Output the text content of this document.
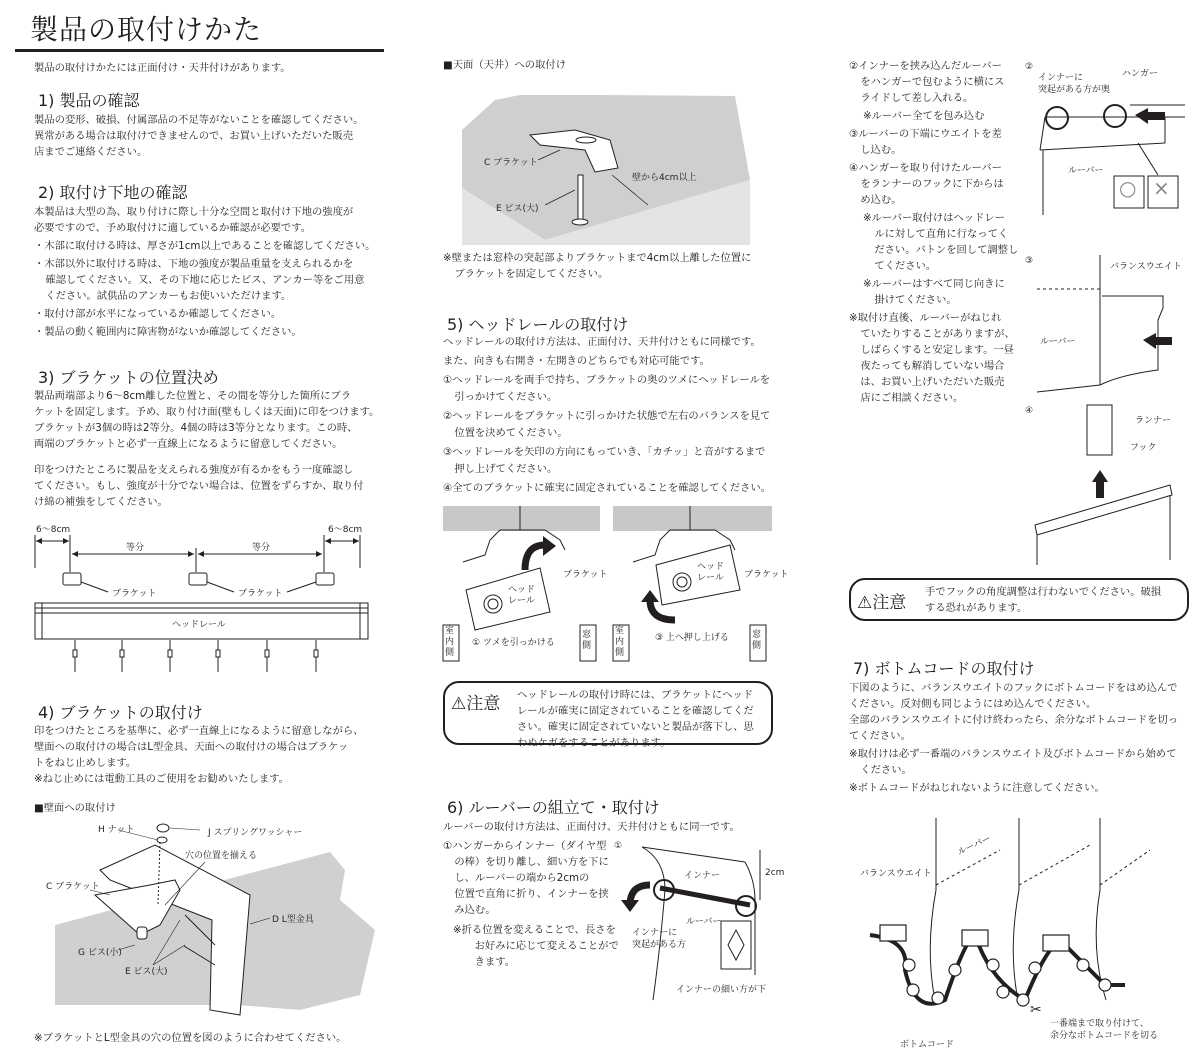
製品の取付けかた
製品の取付けかたには正面付け・天井付けがあります。
1) 製品の確認
製品の変形、破損、付属部品の不足等がないことを確認してください。
異常がある場合は取付けできませんので、お買い上げいただいた販売
店までご連絡ください。
2) 取付け下地の確認
本製品は大型の為、取り付けに際し十分な空間と取付け下地の強度が
必要ですので、予め取付けに適しているか確認が必要です。
・木部に取付ける時は、厚さが1cm以上であることを確認してください。
・木部以外に取付ける時は、下地の強度が製品重量を支えられるかを
確認してください。又、その下地に応じたビス、アンカー等をご用意
ください。試供品のアンカーもお使いいただけます。
・取付け部が水平になっているか確認してください。
・製品の動く範囲内に障害物がないか確認してください。
3) ブラケットの位置決め
製品両端部より6〜8cm離した位置と、その間を等分した箇所にブラ
ケットを固定します。予め、取り付け面(壁もしくは天面)に印をつけます。
ブラケットが3個の時は2等分。4個の時は3等分となります。この時、
両端のブラケットと必ず一直線上になるように留意してください。
印をつけたところに製品を支えられる強度が有るかをもう一度確認し
てください。もし、強度が十分でない場合は、位置をずらすか、取り付
け綿の補強をしてください。
6〜8cm	6〜8cm
等分	等分
ブラケット	ブラケット
ヘッドレール
4) ブラケットの取付け
印をつけたところを基準に、必ず一直線上になるように留意しながら、
壁面への取付けの場合はL型金具、天面への取付けの場合はブラケッ
トをねじ止めします。
※ねじ止めには電動工具のご使用をお勧めいたします。
■壁面への取付け
H ナット	J スプリングワッシャー
穴の位置を揃える
C ブラケット
D L型金具
G ビス(小)
E ビス(大)
※ブラケットとL型金具の穴の位置を図のように合わせてください。
■天面（天井）への取付け
C ブラケット
E ビス(大)
壁から4cm以上
※壁または窓枠の突起部よりブラケットまで4cm以上離した位置に
ブラケットを固定してください。
5) ヘッドレールの取付け
ヘッドレールの取付け方法は、正面付け、天井付けともに同様です。
また、向きも右開き・左開きのどちらでも対応可能です。
①ヘッドレールを両手で持ち、ブラケットの奥のツメにヘッドレールを
引っかけてください。
②ヘッドレールをブラケットに引っかけた状態で左右のバランスを見て
位置を決めてください。
③ヘッドレールを矢印の方向にもっていき、「カチッ」と音がするまで
押し上げてください。
④全てのブラケットに確実に固定されていることを確認してください。
ブラケット
ヘッド
レール
室内側
窓側
① ツメを引っかける
ブラケット
ヘッド
レール
室内側
窓側
③ 上へ押し上げる
⚠注意 ヘッドレールの取付け時には、ブラケットにヘッド
レールが確実に固定されていることを確認してくだ
さい。確実に固定されていないと製品が落下し、思
わぬケガをすることがあります。
6) ルーバーの組立て・取付け
ルーバーの取付け方法は、正面付け、天井付けともに同一です。
①ハンガーからインナー（ダイヤ型
の棒）を切り離し、細い方を下に
し、ルーバーの端から2cmの
位置で直角に折り、インナーを挟
み込む。
※折る位置を変えることで、長さを
お好みに応じて変えることがで
きます。
①
インナー	2cm
ルーバー
インナーに
突起がある方
インナーの細い方が下
②インナーを挟み込んだルーバー
をハンガーで包むように横にス
ライドして差し入れる。
※ルーバー全てを包み込む
③ルーバーの下端にウエイトを差
し込む。
④ハンガーを取り付けたルーバー
をランナーのフックに下からは
め込む。
※ルーバー取付けはヘッドレー
ルに対して直角に行なってく
ださい。バトンを回して調整し
てください。
※ルーバーはすべて同じ向きに
掛けてください。
※取付け直後、ルーバーがねじれ
ていたりすることがありますが、
しばらくすると安定します。一昼
夜たっても解消していない場合
は、お買い上げいただいた販売
店にご相談ください。
②
インナーに
突起がある方が奥
ハンガー
ルーバー
○ ×
③
バランスウエイト
ルーバー
④
ランナー
フック
⚠注意
手でフックの角度調整は行わないでください。破損
する恐れがあります。
7) ボトムコードの取付け
下図のように、バランスウエイトのフックにボトムコードをはめ込んで
ください。反対側も同じようにはめ込んでください。
全部のバランスウエイトに付け終わったら、余分なボトムコードを切っ
てください。
※取付けは必ず一番端のバランスウエイト及びボトムコードから始めて
ください。
※ボトムコードがねじれないように注意してください。
ルーバー
バランスウエイト
ボトムコード
一番端まで取り付けて、
余分なボトムコードを切る
✂
